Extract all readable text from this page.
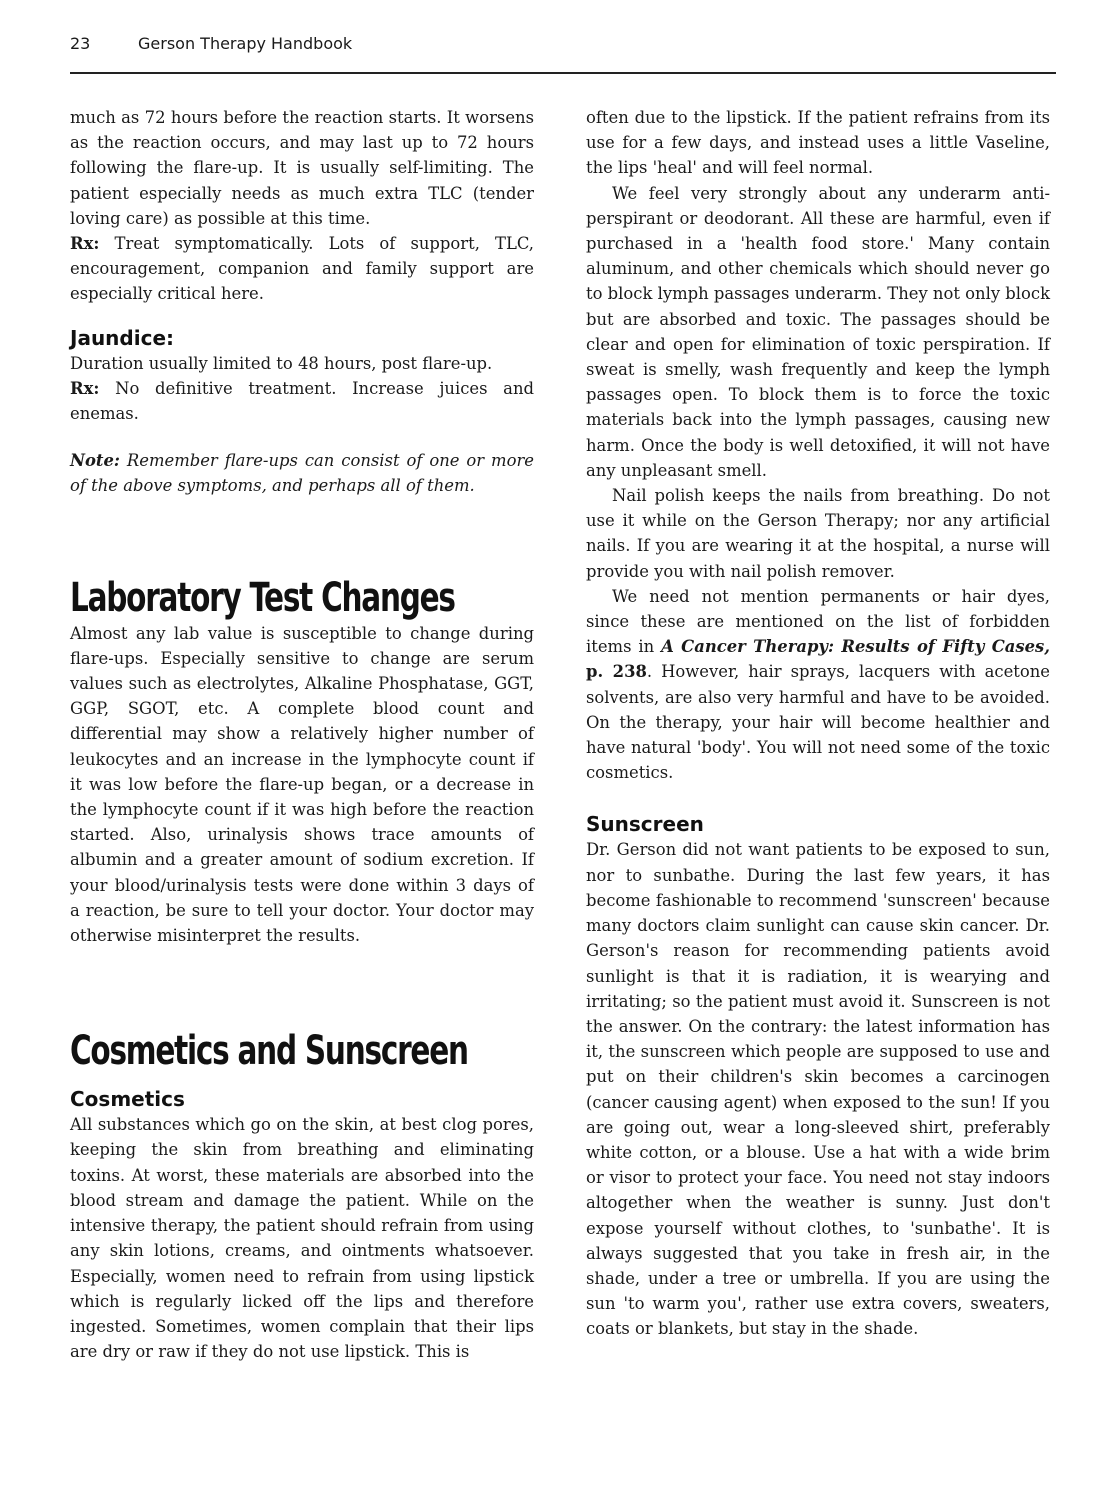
23	Gerson Therapy Handbook

much as 72 hours before the reaction starts. It worsens as the reaction occurs, and may last up to 72 hours following the flare-up. It is usually self-limiting. The patient especially needs as much extra TLC (tender loving care) as possible at this time.

Rx: Treat symptomatically. Lots of support, TLC, encouragement, companion and family support are especially critical here.

Jaundice:

Duration usually limited to 48 hours, post flare-up.

Rx: No definitive treatment. Increase juices and enemas.

Note: Remember flare-ups can consist of one or more of the above symptoms, and perhaps all of them.

Laboratory Test Changes

Almost any lab value is susceptible to change during flare-ups. Especially sensitive to change are serum values such as electrolytes, Alkaline Phosphatase, GGT, GGP, SGOT, etc. A complete blood count and differential may show a relatively higher number of leukocytes and an increase in the lymphocyte count if it was low before the flare-up began, or a decrease in the lymphocyte count if it was high before the reaction started. Also, urinalysis shows trace amounts of albumin and a greater amount of sodium excretion. If your blood/urinalysis tests were done within 3 days of a reaction, be sure to tell your doctor. Your doctor may otherwise misinterpret the results.

Cosmetics and Sunscreen
Cosmetics

All substances which go on the skin, at best clog pores, keeping the skin from breathing and eliminating toxins. At worst, these materials are absorbed into the blood stream and damage the patient. While on the intensive therapy, the patient should refrain from using any skin lotions, creams, and ointments whatsoever. Especially, women need to refrain from using lipstick which is regularly licked off the lips and therefore ingested. Sometimes, women complain that their lips are dry or raw if they do not use lipstick. This is

often due to the lipstick. If the patient refrains from its use for a few days, and instead uses a little Vaseline, the lips 'heal' and will feel normal.

We feel very strongly about any underarm anti-perspirant or deodorant. All these are harmful, even if purchased in a 'health food store.' Many contain aluminum, and other chemicals which should never go to block lymph passages underarm. They not only block but are absorbed and toxic. The passages should be clear and open for elimination of toxic perspiration. If sweat is smelly, wash frequently and keep the lymph passages open. To block them is to force the toxic materials back into the lymph passages, causing new harm. Once the body is well detoxified, it will not have any unpleasant smell.

Nail polish keeps the nails from breathing. Do not use it while on the Gerson Therapy; nor any artificial nails. If you are wearing it at the hospital, a nurse will provide you with nail polish remover.

We need not mention permanents or hair dyes, since these are mentioned on the list of forbidden items in A Cancer Therapy: Results of Fifty Cases, p. 238. However, hair sprays, lacquers with acetone solvents, are also very harmful and have to be avoided. On the therapy, your hair will become healthier and have natural 'body'. You will not need some of the toxic cosmetics.

Sunscreen

Dr. Gerson did not want patients to be exposed to sun, nor to sunbathe. During the last few years, it has become fashionable to recommend 'sunscreen' because many doctors claim sunlight can cause skin cancer. Dr. Gerson's reason for recommending patients avoid sunlight is that it is radiation, it is wearying and irritating; so the patient must avoid it. Sunscreen is not the answer. On the contrary: the latest information has it, the sunscreen which people are supposed to use and put on their children's skin becomes a carcinogen (cancer causing agent) when exposed to the sun! If you are going out, wear a long-sleeved shirt, preferably white cotton, or a blouse. Use a hat with a wide brim or visor to protect your face. You need not stay indoors altogether when the weather is sunny. Just don't expose yourself without clothes, to 'sunbathe'. It is always suggested that you take in fresh air, in the shade, under a tree or umbrella. If you are using the sun 'to warm you', rather use extra covers, sweaters, coats or blankets, but stay in the shade.
